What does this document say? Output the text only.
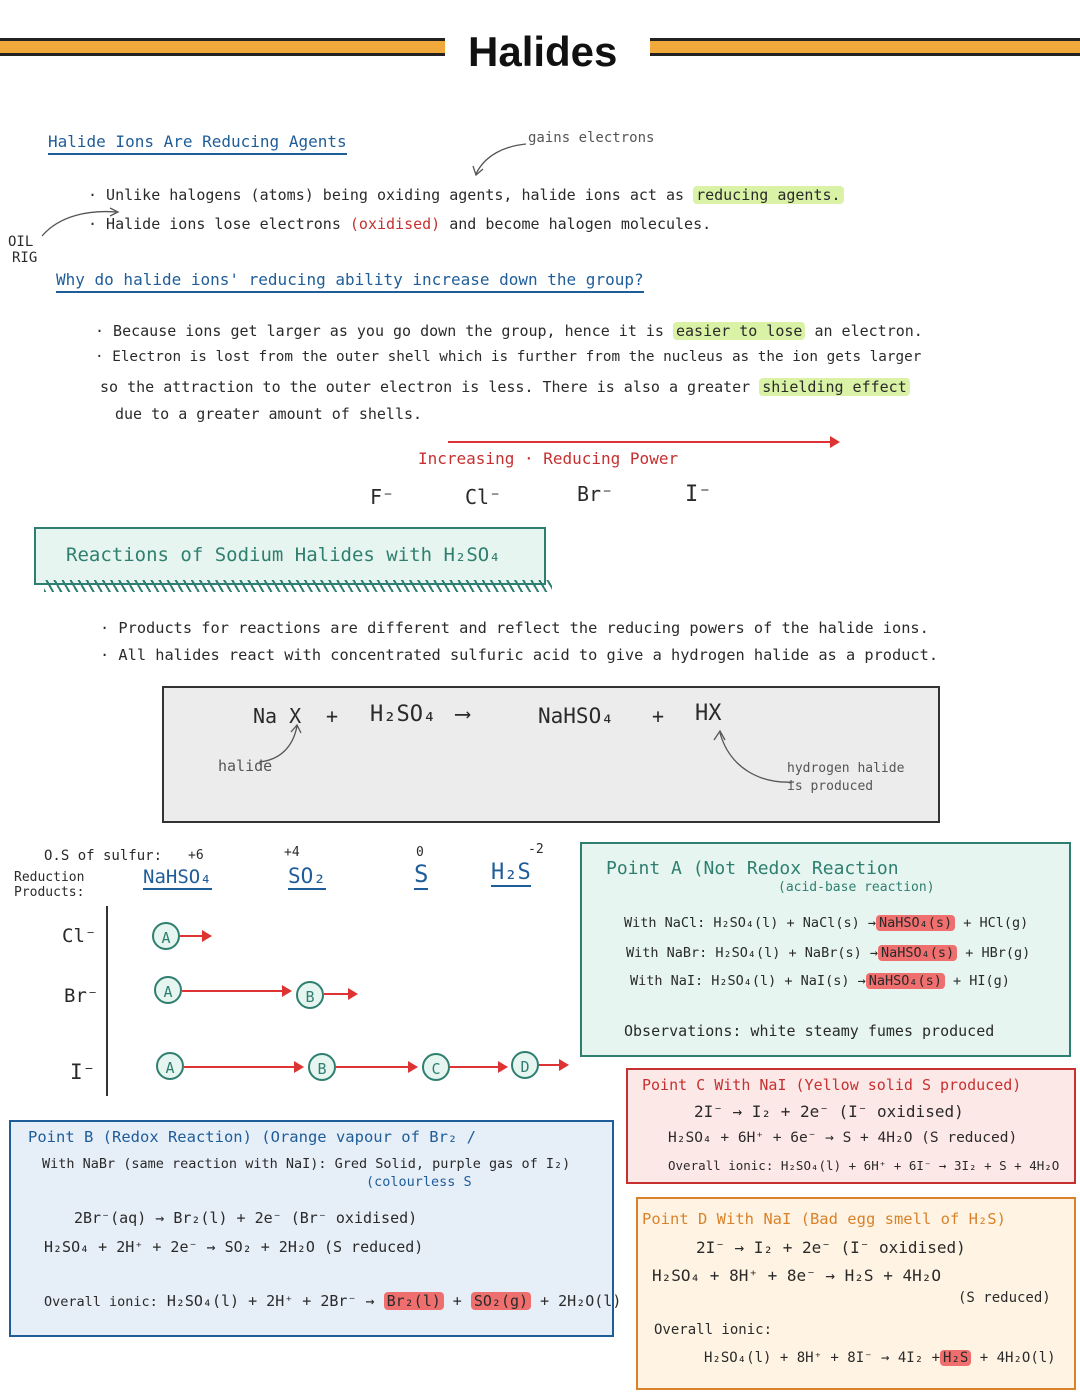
Halides
OIL
RIG
Halide Ions Are Reducing Agents	gains electrons
· Unlike halogens (atoms) being oxiding agents, halide ions act as reducing agents.
· Halide ions lose electrons (oxidised) and become halogen molecules.
Why do halide ions' reducing ability increase down the group?
· Because ions get larger as you go down the group, hence it is easier to lose an electron.
· Electron is lost from the outer shell which is further from the nucleus as the ion gets larger
so the attraction to the outer electron is less. There is also a greater shielding effect
due to a greater amount of shells.
Increasing · Reducing Power
F⁻	Cl⁻	Br⁻	I⁻
Reactions of Sodium Halides with H₂SO₄
· Products for reactions are different and reflect the reducing powers of the halide ions.
· All halides react with concentrated sulfuric acid to give a hydrogen halide as a product.
Na X + H₂SO₄ ⟶	NaHSO₄ + HX
halide	hydrogen halide is produced
O.S of sulfur:
Reduction Products:
+6	+4	0	-2
NaHSO₄	SO₂	S	H₂S
Cl⁻
Br⁻
I⁻
A
A	B
A	B	C	D
Point A (Not Redox Reaction
(acid-base reaction)
With NaCl: H₂SO₄(l) + NaCl(s) → NaHSO₄(s) + HCl(g)
With NaBr: H₂SO₄(l) + NaBr(s) → NaHSO₄(s) + HBr(g)
With NaI: H₂SO₄(l) + NaI(s) → NaHSO₄(s) + HI(g)
Observations: white steamy fumes produced
Point C With NaI (Yellow solid S produced)
2I⁻ → I₂ + 2e⁻ (I⁻ oxidised)
H₂SO₄ + 6H⁺ + 6e⁻ → S + 4H₂O (S reduced)
Overall ionic: H₂SO₄(l) + 6H⁺ + 6I⁻ → 3I₂ + S + 4H₂O
Point B (Redox Reaction) (Orange vapour of Br₂ /
With NaBr (same reaction with NaI): Gred Solid, purple gas of I₂)
(colourless S
2Br⁻(aq) → Br₂(l) + 2e⁻ (Br⁻ oxidised)
H₂SO₄ + 2H⁺ + 2e⁻ → SO₂ + 2H₂O (S reduced)
Overall ionic: H₂SO₄(l) + 2H⁺ + 2Br⁻ → Br₂(l) + SO₂(g) + 2H₂O(l)
Point D With NaI (Bad egg smell of H₂S)
2I⁻ → I₂ + 2e⁻ (I⁻ oxidised)
H₂SO₄ + 8H⁺ + 8e⁻ → H₂S + 4H₂O
(S reduced)
Overall ionic:
H₂SO₄(l) + 8H⁺ + 8I⁻ → 4I₂ + H₂S + 4H₂O(l)
